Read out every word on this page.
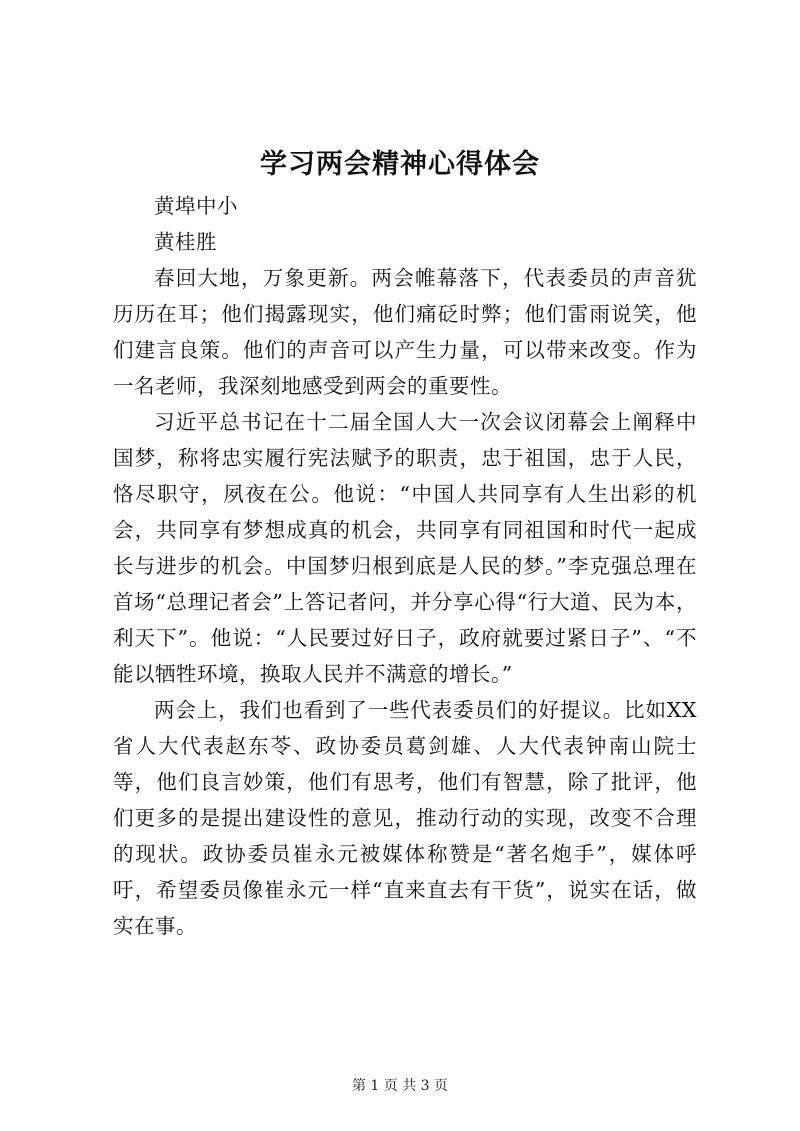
学习两会精神心得体会

黄埠中小

黄桂胜

春回大地，万象更新。两会帷幕落下，代表委员的声音犹历历在耳；他们揭露现实，他们痛砭时弊；他们雷雨说笑，他们建言良策。他们的声音可以产生力量，可以带来改变。作为一名老师，我深刻地感受到两会的重要性。

习近平总书记在十二届全国人大一次会议闭幕会上阐释中国梦，称将忠实履行宪法赋予的职责，忠于祖国，忠于人民，恪尽职守，夙夜在公。他说：“中国人共同享有人生出彩的机会，共同享有梦想成真的机会，共同享有同祖国和时代一起成长与进步的机会。中国梦归根到底是人民的梦。”李克强总理在首场“总理记者会”上答记者问，并分享心得“行大道、民为本，利天下”。他说：“人民要过好日子，政府就要过紧日子”、“不能以牺牲环境，换取人民并不满意的增长。”

两会上，我们也看到了一些代表委员们的好提议。比如XX省人大代表赵东苓、政协委员葛剑雄、人大代表钟南山院士等，他们良言妙策，他们有思考，他们有智慧，除了批评，他们更多的是提出建设性的意见，推动行动的实现，改变不合理的现状。政协委员崔永元被媒体称赞是“著名炮手”，媒体呼吁，希望委员像崔永元一样“直来直去有干货”，说实在话，做实在事。

第 1 页 共 3 页
